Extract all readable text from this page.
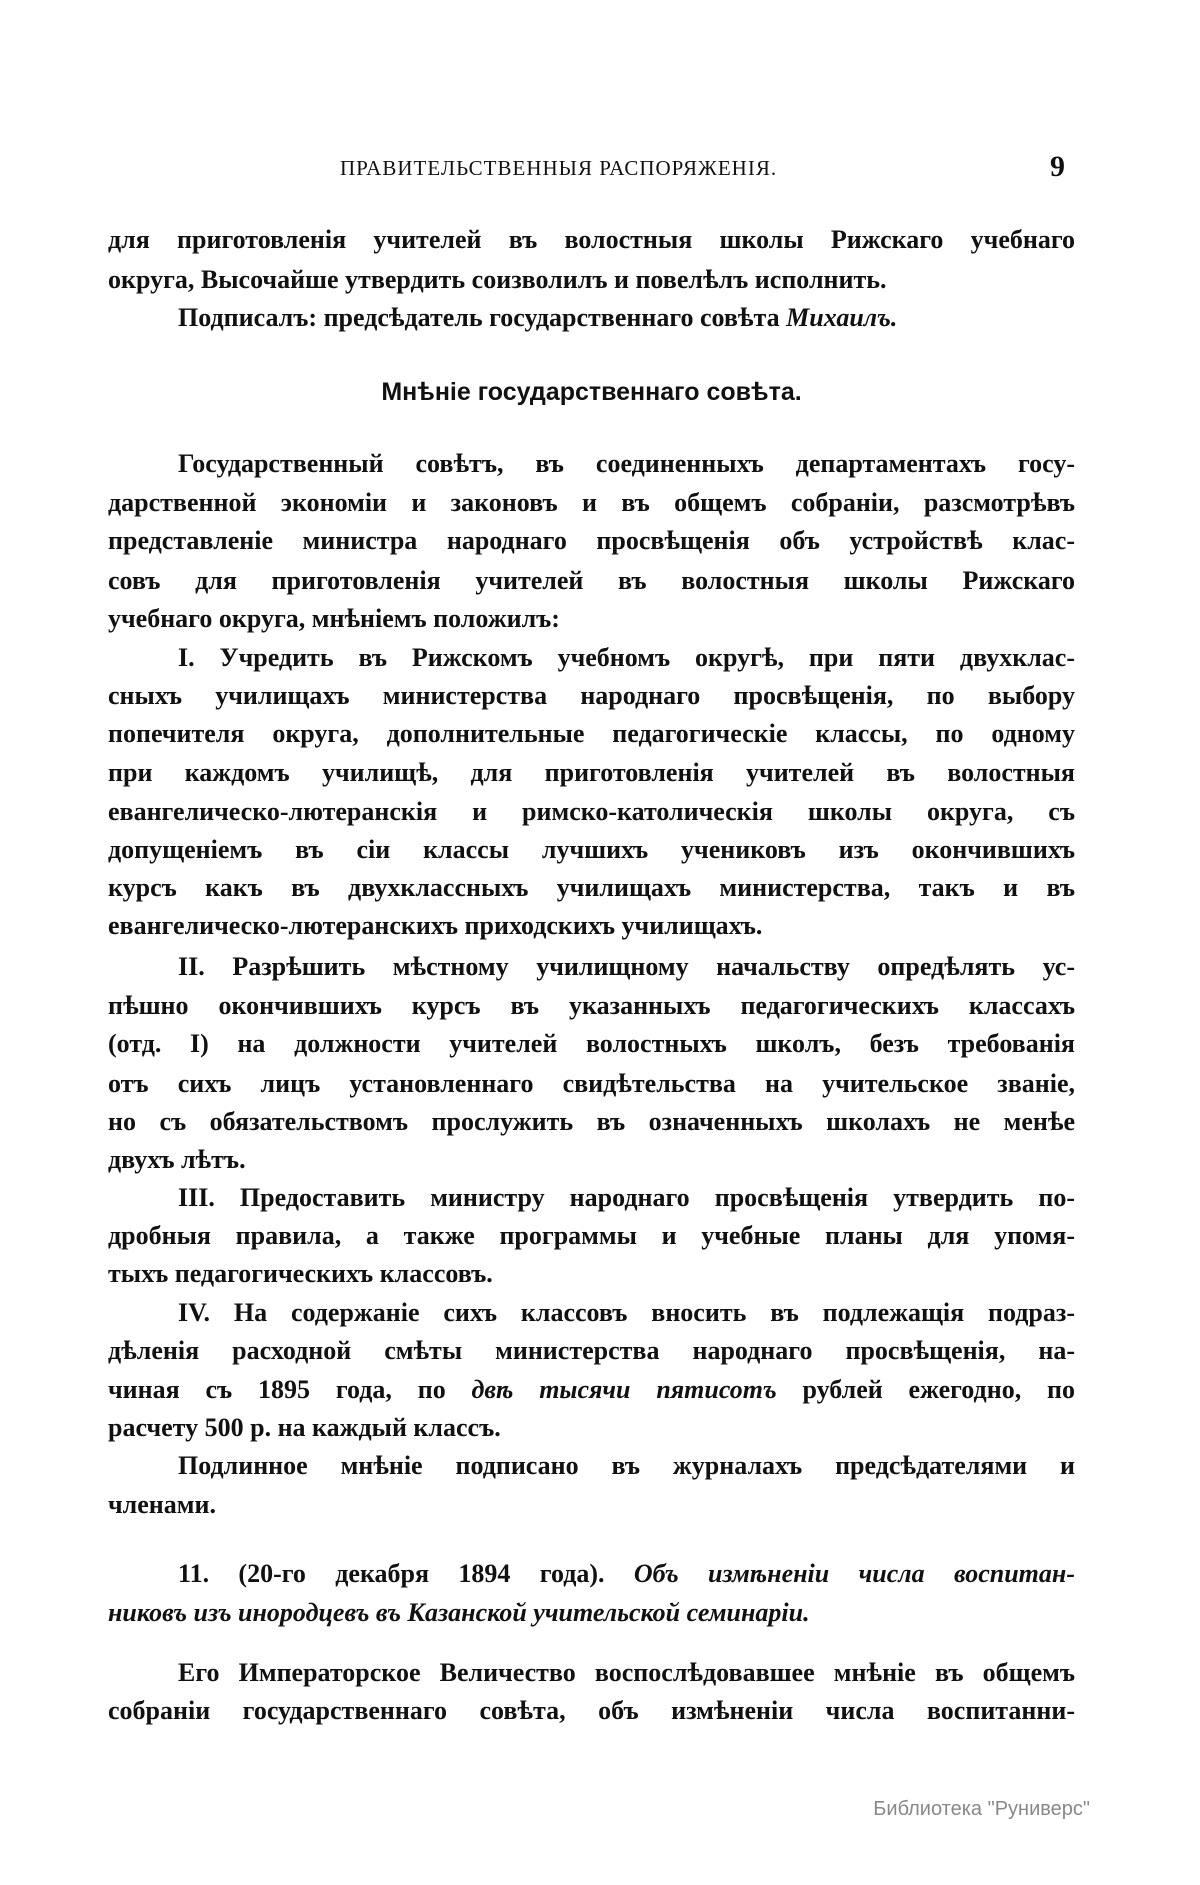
ПРАВИТЕЛЬСТВЕННЫЯ РАСПОРЯЖЕНІЯ.	9
для приготовленія учителей въ волостныя школы Рижскаго учебнаго
округа, Высочайше утвердить соизволилъ и повелѣлъ исполнить.
Подписалъ: предсѣдатель государственнаго совѣта Михаилъ.
Мнѣніе государственнаго совѣта.
Государственный совѣтъ, въ соединенныхъ департаментахъ госу-
дарственной экономіи и законовъ и въ общемъ собраніи, разсмотрѣвъ
представленіе министра народнаго просвѣщенія объ устройствѣ клас-
совъ для приготовленія учителей въ волостныя школы Рижскаго
учебнаго округа, мнѣніемъ положилъ:
I. Учредить въ Рижскомъ учебномъ округѣ, при пяти двухклас-
сныхъ училищахъ министерства народнаго просвѣщенія, по выбору
попечителя округа, дополнительные педагогическіе классы, по одному
при каждомъ училищѣ, для приготовленія учителей въ волостныя
евангелическо-лютеранскія и римско-католическія школы округа, съ
допущеніемъ въ сіи классы лучшихъ учениковъ изъ окончившихъ
курсъ какъ въ двухклассныхъ училищахъ министерства, такъ и въ
евангелическо-лютеранскихъ приходскихъ училищахъ.
II. Разрѣшить мѣстному училищному начальству опредѣлять ус-
пѣшно окончившихъ курсъ въ указанныхъ педагогическихъ классахъ
(отд. I) на должности учителей волостныхъ школъ, безъ требованія
отъ сихъ лицъ установленнаго свидѣтельства на учительское званіе,
но съ обязательствомъ прослужить въ означенныхъ школахъ не менѣе
двухъ лѣтъ.
III. Предоставить министру народнаго просвѣщенія утвердить по-
дробныя правила, а также программы и учебные планы для упомя-
тыхъ педагогическихъ классовъ.
IV. На содержаніе сихъ классовъ вносить въ подлежащія подраз-
дѣленія расходной смѣты министерства народнаго просвѣщенія, на-
чиная съ 1895 года, по двѣ тысячи пятисотъ рублей ежегодно, по
расчету 500 р. на каждый классъ.
Подлинное мнѣніе подписано въ журналахъ предсѣдателями и
членами.
11. (20-го декабря 1894 года). Объ измѣненіи числа воспитан-
никовъ изъ инородцевъ въ Казанской учительской семинаріи.
Его Императорское Величество воспослѣдовавшее мнѣніе въ общемъ
собраніи государственнаго совѣта, объ измѣненіи числа воспитанни-
Библиотека "Руниверс"
